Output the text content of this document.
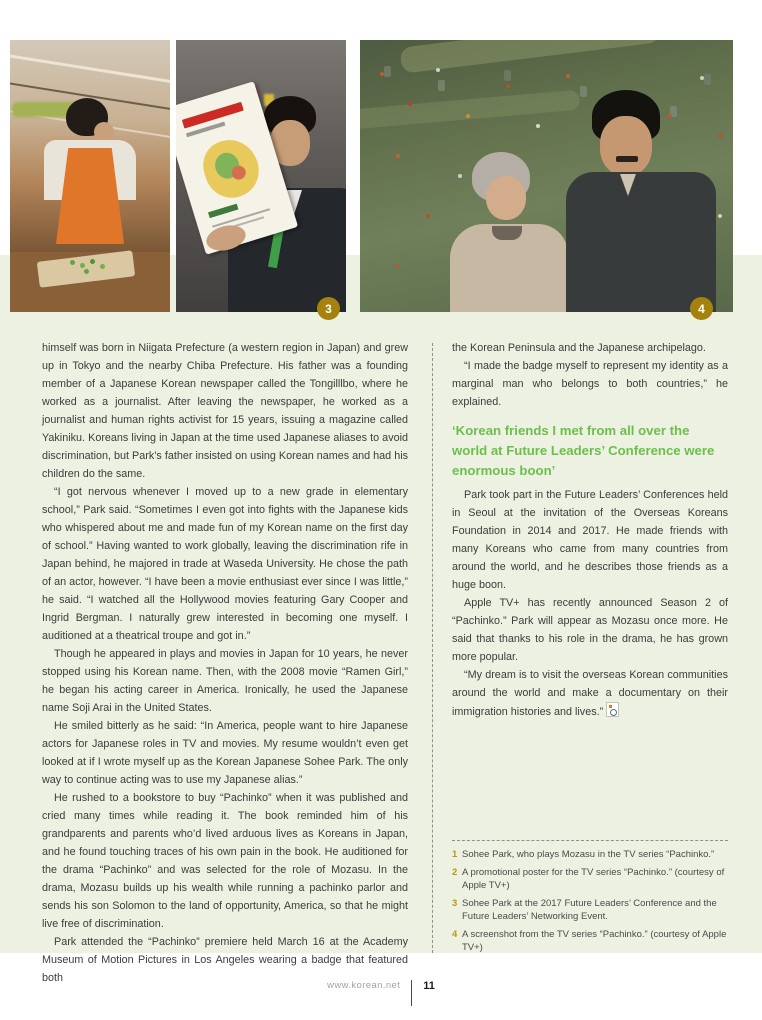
3	4

himself was born in Niigata Prefecture (a western region in Japan) and grew up in Tokyo and the nearby Chiba Prefecture. His father was a founding member of a Japanese Korean newspaper called the Tongilllbo, where he worked as a journalist. After leaving the newspaper, he worked as a journalist and human rights activist for 15 years, issuing a magazine called Yakiniku. Koreans living in Japan at the time used Japanese aliases to avoid discrimination, but Park’s father insisted on using Korean names and had his children do the same.

“I got nervous whenever I moved up to a new grade in elementary school,” Park said. “Sometimes I even got into fights with the Japanese kids who whispered about me and made fun of my Korean name on the first day of school.” Having wanted to work globally, leaving the discrimination rife in Japan behind, he majored in trade at Waseda University. He chose the path of an actor, however. “I have been a movie enthusiast ever since I was little,” he said. “I watched all the Hollywood movies featuring Gary Cooper and Ingrid Bergman. I naturally grew interested in becoming one myself. I auditioned at a theatrical troupe and got in.”

Though he appeared in plays and movies in Japan for 10 years, he never stopped using his Korean name. Then, with the 2008 movie “Ramen Girl,” he began his acting career in America. Ironically, he used the Japanese name Soji Arai in the United States.

He smiled bitterly as he said: “In America, people want to hire Japanese actors for Japanese roles in TV and movies. My resume wouldn’t even get looked at if I wrote myself up as the Korean Japanese Sohee Park. The only way to continue acting was to use my Japanese alias.”

He rushed to a bookstore to buy “Pachinko” when it was published and cried many times while reading it. The book reminded him of his grandparents and parents who’d lived arduous lives as Koreans in Japan, and he found touching traces of his own pain in the book. He auditioned for the drama “Pachinko” and was selected for the role of Mozasu. In the drama, Mozasu builds up his wealth while running a pachinko parlor and sends his son Solomon to the land of opportunity, America, so that he might live free of discrimination.

Park attended the “Pachinko” premiere held March 16 at the Academy Museum of Motion Pictures in Los Angeles wearing a badge that featured both

the Korean Peninsula and the Japanese archipelago.

“I made the badge myself to represent my identity as a marginal man who belongs to both countries,” he explained.

‘Korean friends I met from all over the world at Future Leaders’ Conference were enormous boon’

Park took part in the Future Leaders’ Conferences held in Seoul at the invitation of the Overseas Koreans Foundation in 2014 and 2017. He made friends with many Koreans who came from many countries from around the world, and he describes those friends as a huge boon.

Apple TV+ has recently announced Season 2 of “Pachinko.” Park will appear as Mozasu once more. He said that thanks to his role in the drama, he has grown more popular.

“My dream is to visit the overseas Korean communities around the world and make a documentary on their immigration histories and lives.”

1 Sohee Park, who plays Mozasu in the TV series “Pachinko.”
2 A promotional poster for the TV series “Pachinko.” (courtesy of Apple TV+)
3 Sohee Park at the 2017 Future Leaders’ Conference and the Future Leaders’ Networking Event.
4 A screenshot from the TV series “Pachinko.” (courtesy of Apple TV+)
www.korean.net 11
